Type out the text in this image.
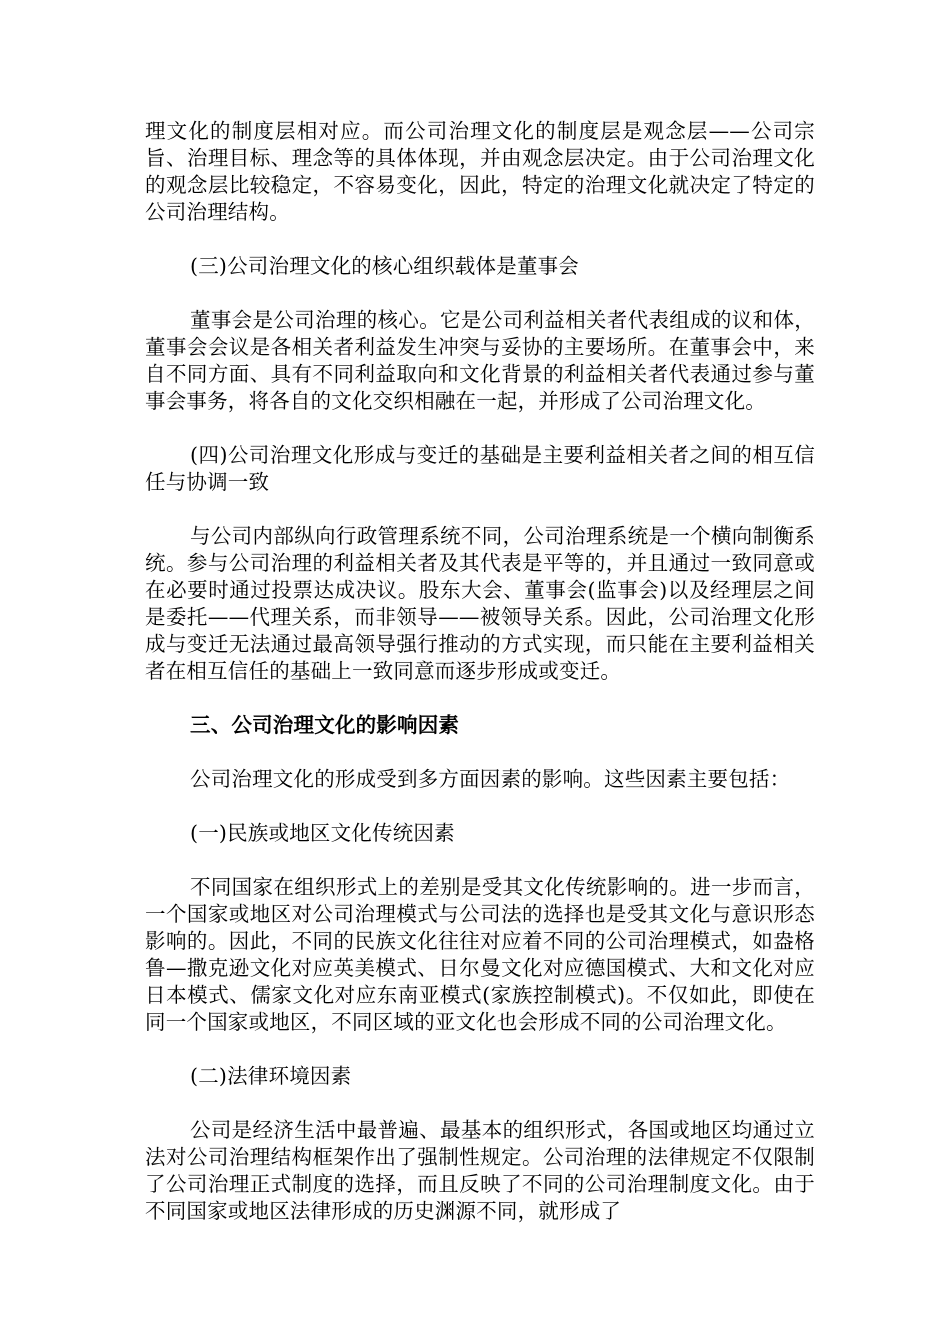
理文化的制度层相对应。而公司治理文化的制度层是观念层——公司宗旨、治理目标、理念等的具体体现，并由观念层决定。由于公司治理文化的观念层比较稳定，不容易变化，因此，特定的治理文化就决定了特定的公司治理结构。

(三)公司治理文化的核心组织载体是董事会

董事会是公司治理的核心。它是公司利益相关者代表组成的议和体，董事会会议是各相关者利益发生冲突与妥协的主要场所。在董事会中，来自不同方面、具有不同利益取向和文化背景的利益相关者代表通过参与董事会事务，将各自的文化交织相融在一起，并形成了公司治理文化。

(四)公司治理文化形成与变迁的基础是主要利益相关者之间的相互信任与协调一致

与公司内部纵向行政管理系统不同，公司治理系统是一个横向制衡系统。参与公司治理的利益相关者及其代表是平等的，并且通过一致同意或在必要时通过投票达成决议。股东大会、董事会(监事会)以及经理层之间是委托——代理关系，而非领导——被领导关系。因此，公司治理文化形成与变迁无法通过最高领导强行推动的方式实现，而只能在主要利益相关者在相互信任的基础上一致同意而逐步形成或变迁。

三、公司治理文化的影响因素

公司治理文化的形成受到多方面因素的影响。这些因素主要包括：

(一)民族或地区文化传统因素

不同国家在组织形式上的差别是受其文化传统影响的。进一步而言，一个国家或地区对公司治理模式与公司法的选择也是受其文化与意识形态影响的。因此，不同的民族文化往往对应着不同的公司治理模式，如盎格鲁—撒克逊文化对应英美模式、日尔曼文化对应德国模式、大和文化对应日本模式、儒家文化对应东南亚模式(家族控制模式)。不仅如此，即使在同一个国家或地区，不同区域的亚文化也会形成不同的公司治理文化。

(二)法律环境因素

公司是经济生活中最普遍、最基本的组织形式，各国或地区均通过立法对公司治理结构框架作出了强制性规定。公司治理的法律规定不仅限制了公司治理正式制度的选择，而且反映了不同的公司治理制度文化。由于不同国家或地区法律形成的历史渊源不同，就形成了
